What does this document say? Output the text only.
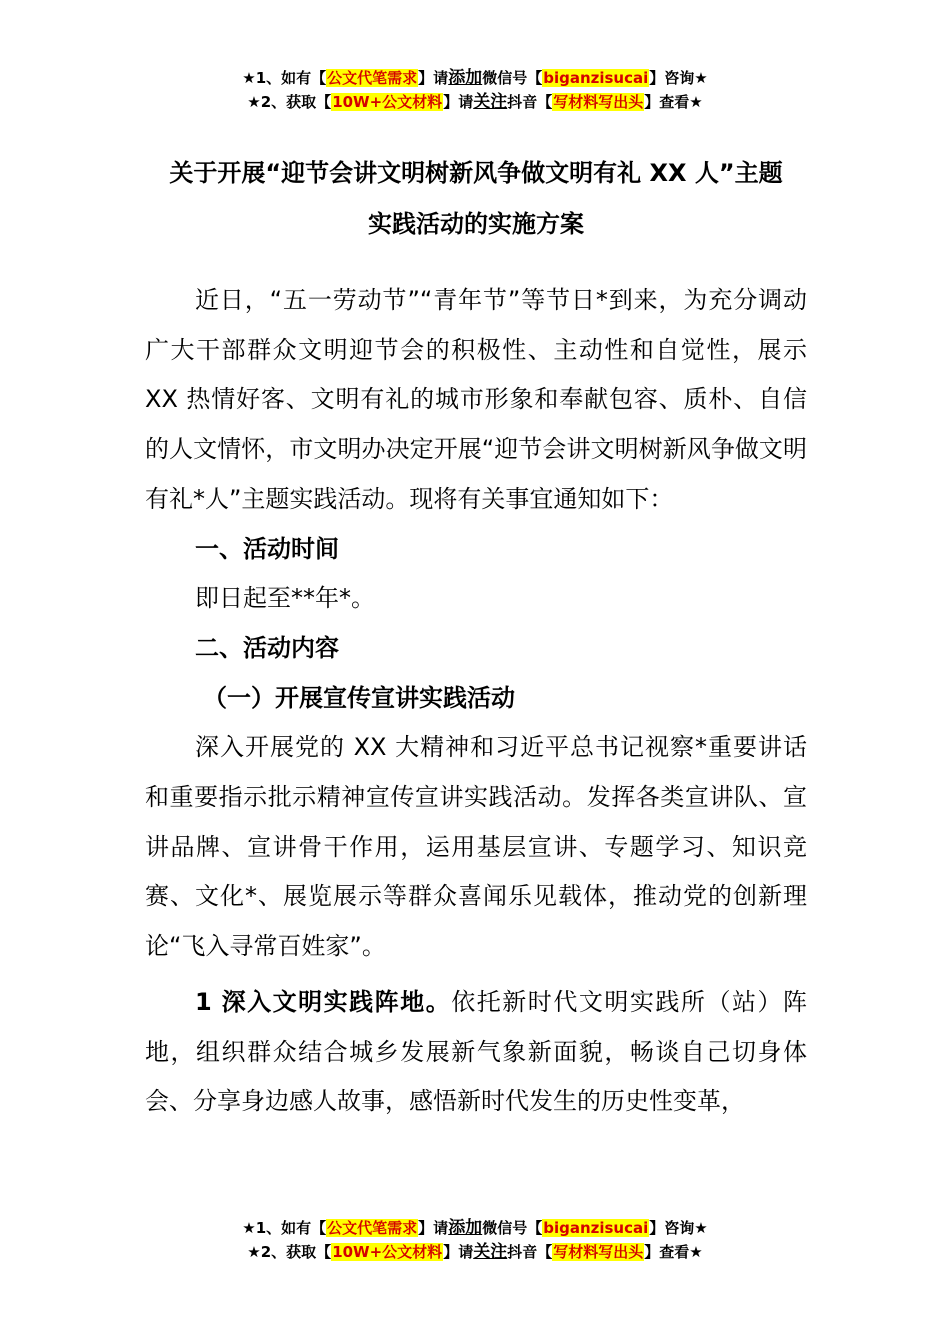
★1、如有【公文代笔需求】请添加微信号【biganzisucai】咨询★
★2、获取【10W+公文材料】请关注抖音【写材料写出头】查看★

关于开展“迎节会讲文明树新风争做文明有礼 XX 人”主题

实践活动的实施方案

近日，“五一劳动节”“青年节”等节日*到来，为充分调动广大干部群众文明迎节会的积极性、主动性和自觉性，展示 XX 热情好客、文明有礼的城市形象和奉献包容、质朴、自信的人文情怀，市文明办决定开展“迎节会讲文明树新风争做文明有礼*人”主题实践活动。现将有关事宜通知如下：

一、活动时间

即日起至**年*。

二、活动内容

（一）开展宣传宣讲实践活动

深入开展党的 XX 大精神和习近平总书记视察*重要讲话和重要指示批示精神宣传宣讲实践活动。发挥各类宣讲队、宣讲品牌、宣讲骨干作用，运用基层宣讲、专题学习、知识竞赛、文化*、展览展示等群众喜闻乐见载体，推动党的创新理论“飞入寻常百姓家”。

1 深入文明实践阵地。依托新时代文明实践所（站）阵地，组织群众结合城乡发展新气象新面貌，畅谈自己切身体会、分享身边感人故事，感悟新时代发生的历史性变革，

★1、如有【公文代笔需求】请添加微信号【biganzisucai】咨询★
★2、获取【10W+公文材料】请关注抖音【写材料写出头】查看★
